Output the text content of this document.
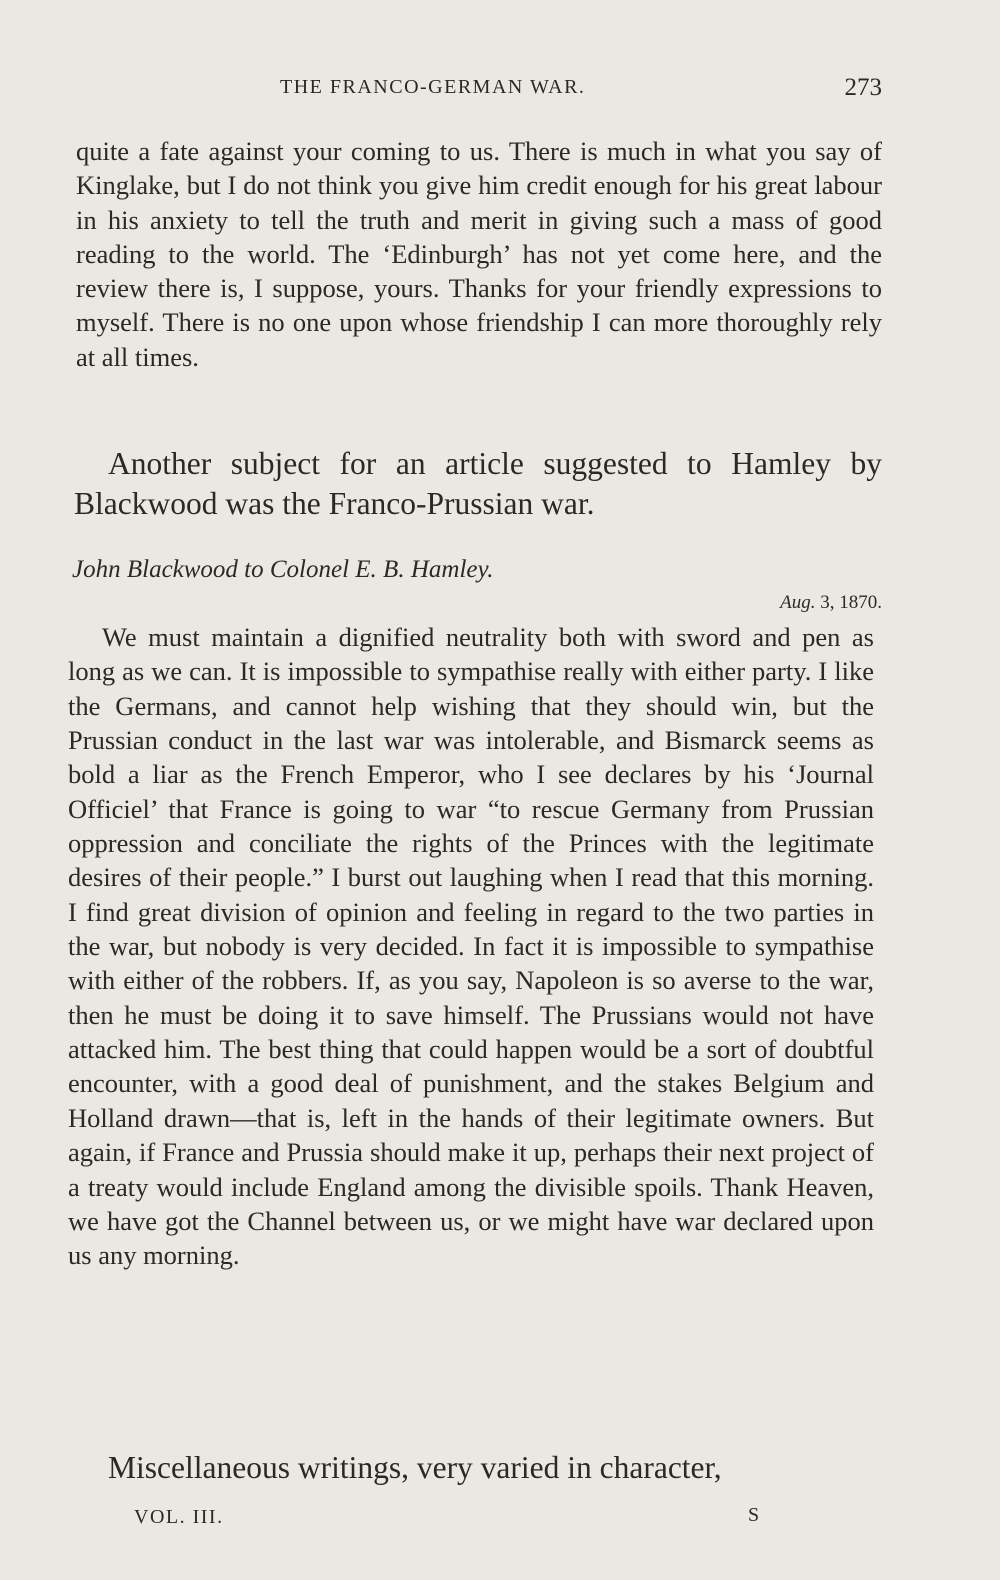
THE FRANCO-GERMAN WAR.	273

quite a fate against your coming to us. There is much in what you say of Kinglake, but I do not think you give him credit enough for his great labour in his anxiety to tell the truth and merit in giving such a mass of good reading to the world. The ‘Edinburgh’ has not yet come here, and the review there is, I suppose, yours. Thanks for your friendly expressions to myself. There is no one upon whose friendship I can more thoroughly rely at all times.

Another subject for an article suggested to Hamley by Blackwood was the Franco-Prussian war.

John Blackwood to Colonel E. B. Hamley.
Aug. 3, 1870.

We must maintain a dignified neutrality both with sword and pen as long as we can. It is impossible to sympathise really with either party. I like the Germans, and cannot help wishing that they should win, but the Prussian conduct in the last war was intolerable, and Bismarck seems as bold a liar as the French Emperor, who I see declares by his ‘Journal Officiel’ that France is going to war “to rescue Germany from Prussian oppression and conciliate the rights of the Princes with the legitimate desires of their people.” I burst out laughing when I read that this morning. I find great division of opinion and feeling in regard to the two parties in the war, but nobody is very decided. In fact it is impossible to sympathise with either of the robbers. If, as you say, Napoleon is so averse to the war, then he must be doing it to save himself. The Prussians would not have attacked him. The best thing that could happen would be a sort of doubtful encounter, with a good deal of punishment, and the stakes Belgium and Holland drawn—that is, left in the hands of their legitimate owners. But again, if France and Prussia should make it up, perhaps their next project of a treaty would include England among the divisible spoils. Thank Heaven, we have got the Channel between us, or we might have war declared upon us any morning.

Miscellaneous writings, very varied in character,

VOL. III.	S
